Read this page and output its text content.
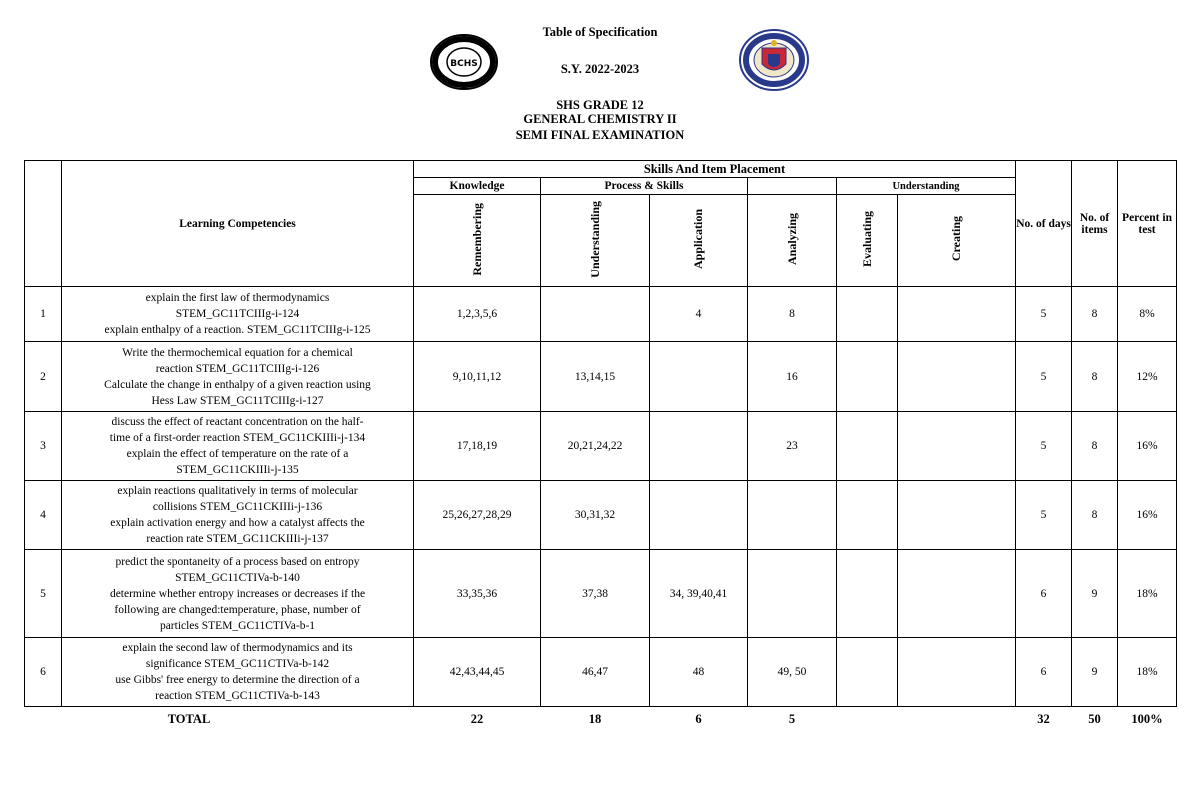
Table of Specification
S.Y. 2022-2023
SHS GRADE 12
GENERAL CHEMISTRY II
SEMI FINAL EXAMINATION
BCHS
	Learning Competencies	Skills And Item Placement						No. of days	No. of items	Percent in test
		Knowledge	Process & Skills			Understanding				
		Remembering	Understanding	Application	Analyzing	Evaluating	Creating			
1	explain the first law of thermodynamics

STEM_GC11TCIIIg-i-124

explain enthalpy of a reaction. STEM_GC11TCIIIg-i-125	1,2,3,5,6		4	8			5	8	8%
2	Write the thermochemical equation for a chemical

reaction STEM_GC11TCIIIg-i-126

Calculate the change in enthalpy of a given reaction using

Hess Law STEM_GC11TCIIIg-i-127	9,10,11,12	13,14,15		16			5	8	12%
3	discuss the effect of reactant concentration on the half-

time of a first-order reaction STEM_GC11CKIIIi-j-134

explain the effect of temperature on the rate of a

STEM_GC11CKIIIi-j-135	17,18,19	20,21,24,22		23			5	8	16%
4	explain reactions qualitatively in terms of molecular

collisions STEM_GC11CKIIIi-j-136

explain activation energy and how a catalyst affects the

reaction rate STEM_GC11CKIIIi-j-137	25,26,27,28,29	30,31,32					5	8	16%
5	predict the spontaneity of a process based on entropy

STEM_GC11CTIVa-b-140

determine whether entropy increases or decreases if the

following are changed:temperature, phase, number of

particles STEM_GC11CTIVa-b-1	33,35,36	37,38	34, 39,40,41				6	9	18%
6	explain the second law of thermodynamics and its

significance STEM_GC11CTIVa-b-142

use Gibbs' free energy to determine the direction of a

reaction STEM_GC11CTIVa-b-143	42,43,44,45	46,47	48	49, 50			6	9	18%
TOTAL		22	18	6	5			32	50	100%
